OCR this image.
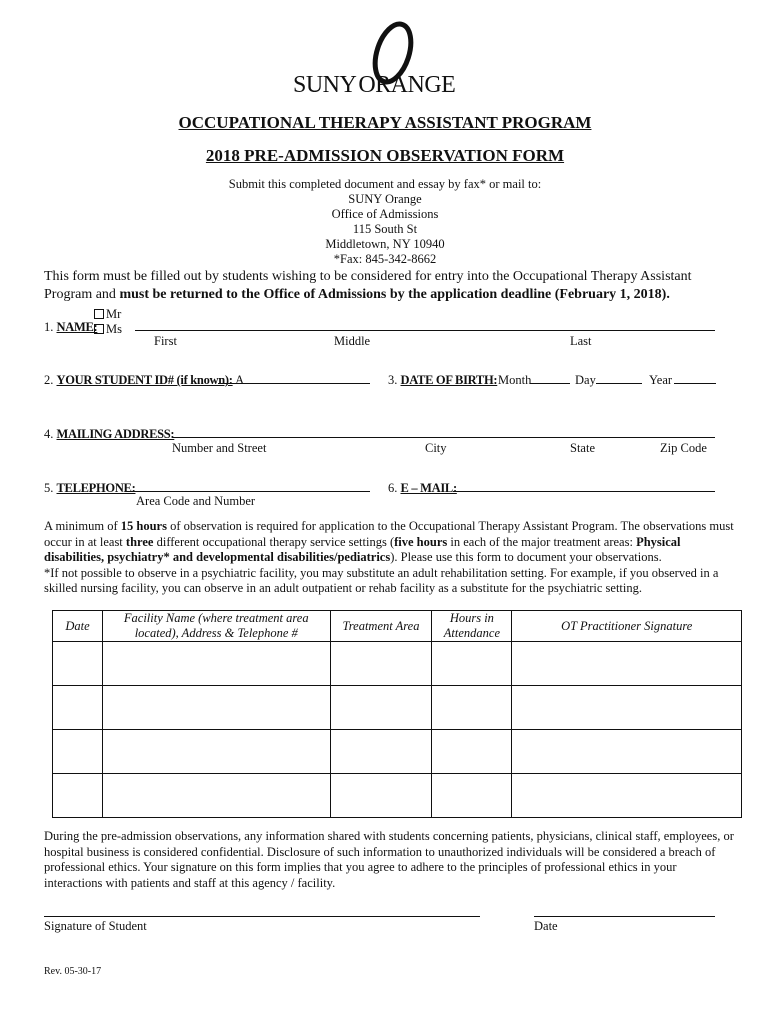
SUNYORANGE
OCCUPATIONAL THERAPY ASSISTANT PROGRAM
2018 PRE-ADMISSION OBSERVATION FORM
Submit this completed document and essay by fax* or mail to:
SUNY Orange
Office of Admissions
115 South St
Middletown, NY 10940
*Fax: 845-342-8662
This form must be filled out by students wishing to be considered for entry into the Occupational Therapy Assistant Program and must be returned to the Office of Admissions by the application deadline (February 1, 2018).
Mr
Ms
1. NAME:
First	Middle	Last
2. YOUR STUDENT ID# (if known): A	3. DATE OF BIRTH: Month	Day	Year
4. MAILING ADDRESS:
Number and Street	City	State	Zip Code
5. TELEPHONE:
Area Code and Number
6. E – MAIL:
A minimum of 15 hours of observation is required for application to the Occupational Therapy Assistant Program. The observations must occur in at least three different occupational therapy service settings (five hours in each of the major treatment areas: Physical disabilities, psychiatry* and developmental disabilities/pediatrics). Please use this form to document your observations.
*If not possible to observe in a psychiatric facility, you may substitute an adult rehabilitation setting. For example, if you observed in a skilled nursing facility, you can observe in an adult outpatient or rehab facility as a substitute for the psychiatric setting.
Date	Facility Name (where treatment area located), Address & Telephone #	Treatment Area	Hours in Attendance	OT Practitioner Signature

During the pre-admission observations, any information shared with students concerning patients, physicians, clinical staff, employees, or hospital business is considered confidential. Disclosure of such information to unauthorized individuals will be considered a breach of professional ethics. Your signature on this form implies that you agree to adhere to the principles of professional ethics in your interactions with patients and staff at this agency / facility.
Signature of Student	Date
Rev. 05-30-17
